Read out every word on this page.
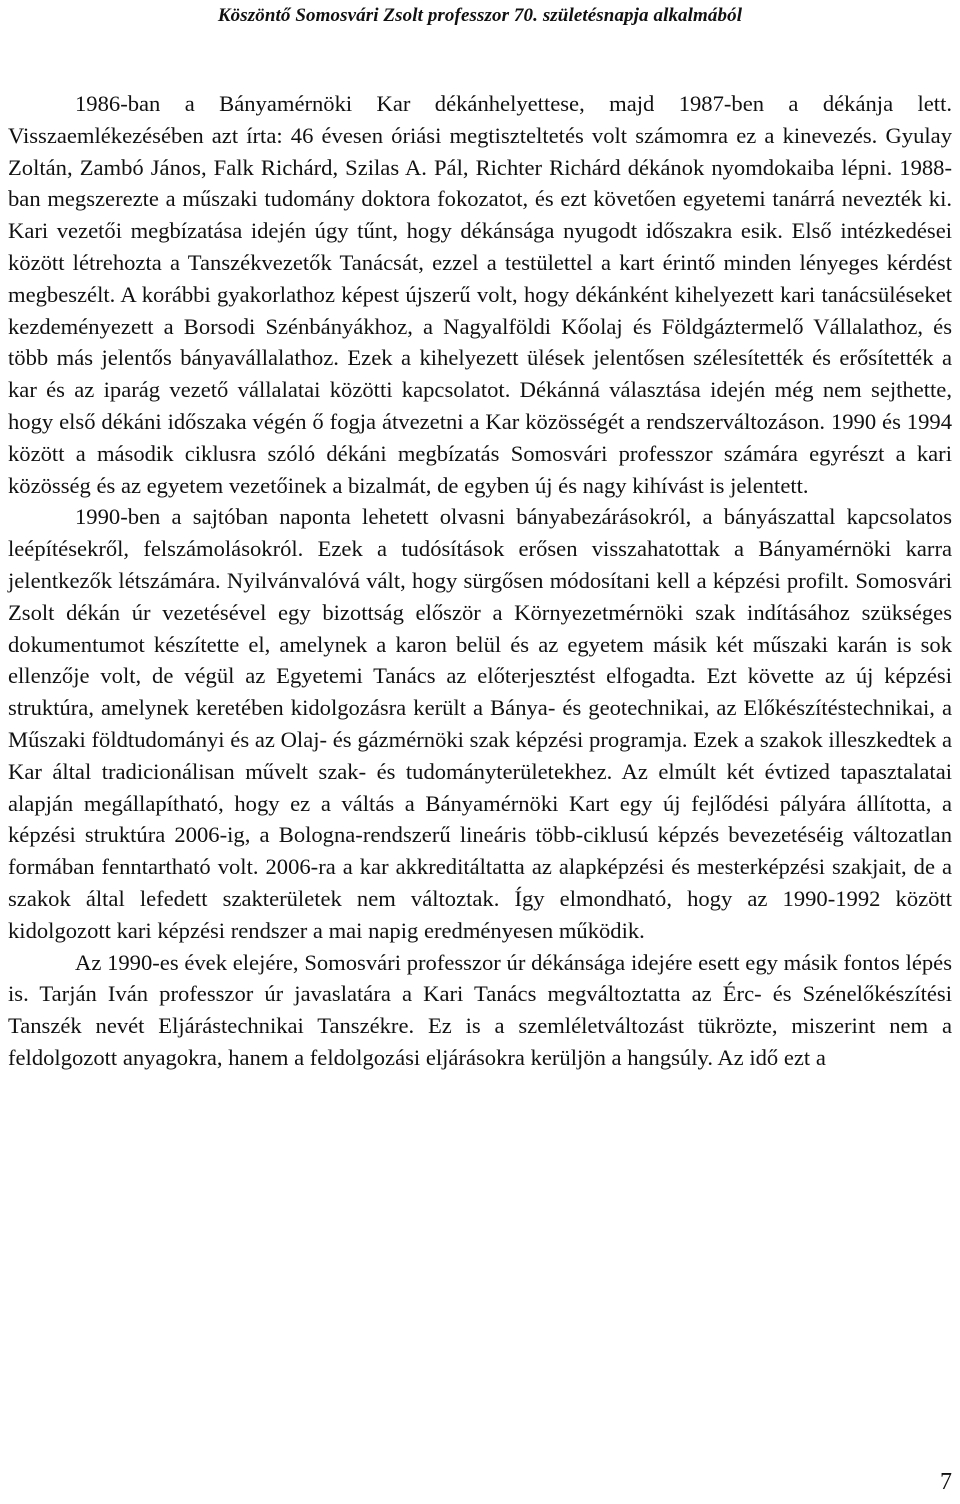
Köszöntő Somosvári Zsolt professzor 70. születésnapja alkalmából

1986-ban a Bányamérnöki Kar dékánhelyettese, majd 1987-ben a dékánja lett. Visszaemlékezésében azt írta: 46 évesen óriási megtiszteltetés volt számomra ez a kinevezés. Gyulay Zoltán, Zambó János, Falk Richárd, Szilas A. Pál, Richter Richárd dékánok nyomdokaiba lépni. 1988-ban megszerezte a műszaki tudomány doktora fokozatot, és ezt követően egyetemi tanárrá nevezték ki. Kari vezetői megbízatása idején úgy tűnt, hogy dékánsága nyugodt időszakra esik. Első intézkedései között létrehozta a Tanszékvezetők Tanácsát, ezzel a testülettel a kart érintő minden lényeges kérdést megbeszélt. A korábbi gyakorlathoz képest újszerű volt, hogy dékánként kihelyezett kari tanácsüléseket kezdeményezett a Borsodi Szénbányákhoz, a Nagyalföldi Kőolaj és Földgáztermelő Vállalathoz, és több más jelentős bányavállalathoz. Ezek a kihelyezett ülések jelentősen szélesítették és erősítették a kar és az iparág vezető vállalatai közötti kapcsolatot. Dékánná választása idején még nem sejthette, hogy első dékáni időszaka végén ő fogja átvezetni a Kar közösségét a rendszerváltozáson. 1990 és 1994 között a második ciklusra szóló dékáni megbízatás Somosvári professzor számára egyrészt a kari közösség és az egyetem vezetőinek a bizalmát, de egyben új és nagy kihívást is jelentett.

1990-ben a sajtóban naponta lehetett olvasni bányabezárásokról, a bányászattal kapcsolatos leépítésekről, felszámolásokról. Ezek a tudósítások erősen visszahatottak a Bányamérnöki karra jelentkezők létszámára. Nyilvánvalóvá vált, hogy sürgősen módosítani kell a képzési profilt. Somosvári Zsolt dékán úr vezetésével egy bizottság először a Környezetmérnöki szak indításához szükséges dokumentumot készítette el, amelynek a karon belül és az egyetem másik két műszaki karán is sok ellenzője volt, de végül az Egyetemi Tanács az előterjesztést elfogadta. Ezt követte az új képzési struktúra, amelynek keretében kidolgozásra került a Bánya- és geotechnikai, az Előkészítéstechnikai, a Műszaki földtudományi és az Olaj- és gázmérnöki szak képzési programja. Ezek a szakok illeszkedtek a Kar által tradicionálisan művelt szak- és tudományterületekhez. Az elmúlt két évtized tapasztalatai alapján megállapítható, hogy ez a váltás a Bányamérnöki Kart egy új fejlődési pályára állította, a képzési struktúra 2006-ig, a Bologna-rendszerű lineáris több-ciklusú képzés bevezetéséig változatlan formában fenntartható volt. 2006-ra a kar akkreditáltatta az alapképzési és mesterképzési szakjait, de a szakok által lefedett szakterületek nem változtak. Így elmondható, hogy az 1990-1992 között kidolgozott kari képzési rendszer a mai napig eredményesen működik.

Az 1990-es évek elejére, Somosvári professzor úr dékánsága idejére esett egy másik fontos lépés is. Tarján Iván professzor úr javaslatára a Kari Tanács megváltoztatta az Érc- és Szénelőkészítési Tanszék nevét Eljárástechnikai Tanszékre. Ez is a szemléletváltozást tükrözte, miszerint nem a feldolgozott anyagokra, hanem a feldolgozási eljárásokra kerüljön a hangsúly. Az idő ezt a

7
